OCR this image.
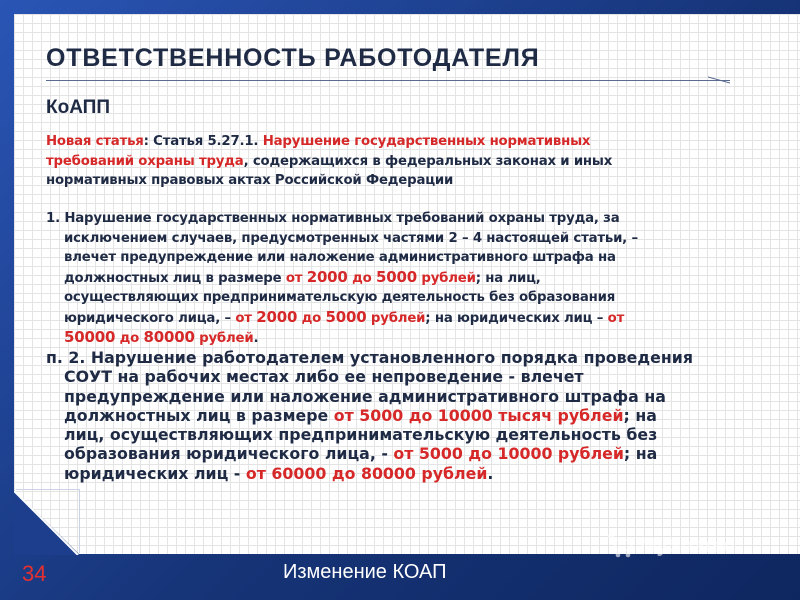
ОТВЕТСТВЕННОСТЬ РАБОТОДАТЕЛЯ
КоАПП
Новая статья: Статья 5.27.1. Нарушение государственных нормативных
требований охраны труда, содержащихся в федеральных законах и иных
нормативных правовых актах Российской Федерации
1. Нарушение государственных нормативных требований охраны труда, за
исключением случаев, предусмотренных частями 2 – 4 настоящей статьи, –
влечет предупреждение или наложение административного штрафа на
должностных лиц в размере от 2000 до 5000 рублей; на лиц,
осуществляющих предпринимательскую деятельность без образования
юридического лица, – от 2000 до 5000 рублей; на юридических лиц – от
50000 до 80000 рублей.
п. 2. Нарушение работодателем установленного порядка проведения

СОУТ на рабочих местах либо ее непроведение - влечет
предупреждение или наложение административного штрафа на
должностных лиц в размере от 5000 до 10000 тысяч рублей; на
лиц, осуществляющих предпринимательскую деятельность без
образования юридического лица, - от 5000 до 10000 рублей; на
юридических лиц - от 60000 до 80000 рублей.
MyShared
34	Изменение КОАП
